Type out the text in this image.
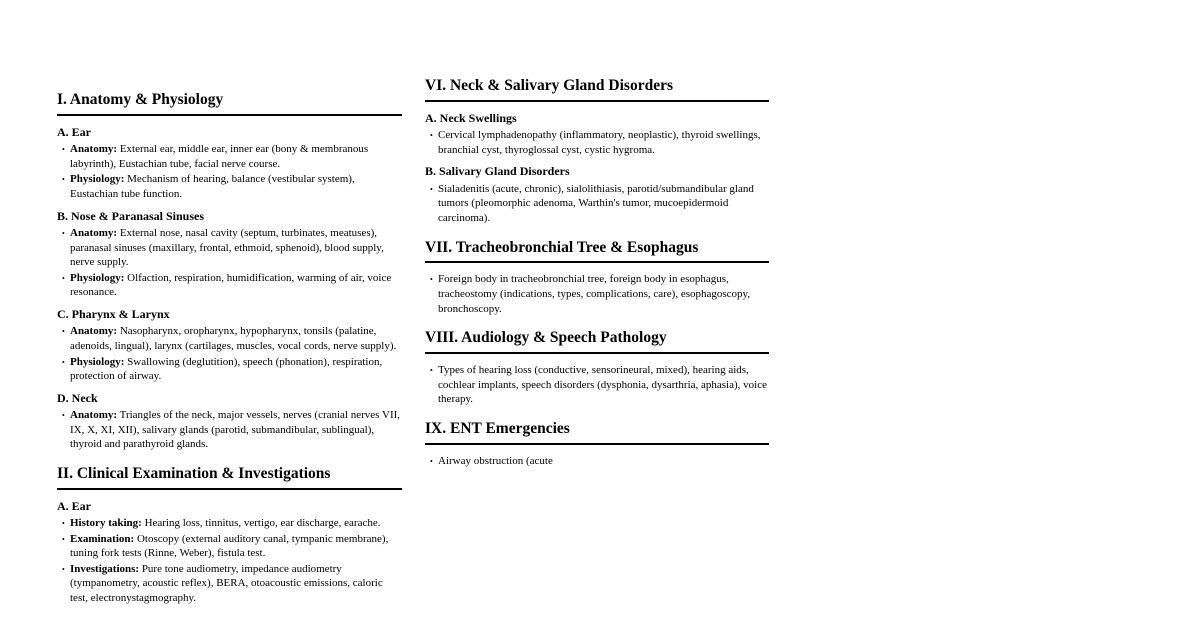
I. Anatomy & Physiology
A. Ear
• Anatomy: External ear, middle ear, inner ear (bony & membranous labyrinth), Eustachian tube, facial nerve course.
• Physiology: Mechanism of hearing, balance (vestibular system), Eustachian tube function.
B. Nose & Paranasal Sinuses
• Anatomy: External nose, nasal cavity (septum, turbinates, meatuses), paranasal sinuses (maxillary, frontal, ethmoid, sphenoid), blood supply, nerve supply.
• Physiology: Olfaction, respiration, humidification, warming of air, voice resonance.
C. Pharynx & Larynx
• Anatomy: Nasopharynx, oropharynx, hypopharynx, tonsils (palatine, adenoids, lingual), larynx (cartilages, muscles, vocal cords, nerve supply).
• Physiology: Swallowing (deglutition), speech (phonation), respiration, protection of airway.
D. Neck
• Anatomy: Triangles of the neck, major vessels, nerves (cranial nerves VII, IX, X, XI, XII), salivary glands (parotid, submandibular, sublingual), thyroid and parathyroid glands.
II. Clinical Examination & Investigations
A. Ear
• History taking: Hearing loss, tinnitus, vertigo, ear discharge, earache.
• Examination: Otoscopy (external auditory canal, tympanic membrane), tuning fork tests (Rinne, Weber), fistula test.
• Investigations: Pure tone audiometry, impedance audiometry (tympanometry, acoustic reflex), BERA, otoacoustic emissions, caloric test, electronystagmography.
VI. Neck & Salivary Gland Disorders
A. Neck Swellings
• Cervical lymphadenopathy (inflammatory, neoplastic), thyroid swellings, branchial cyst, thyroglossal cyst, cystic hygroma.
B. Salivary Gland Disorders
• Sialadenitis (acute, chronic), sialolithiasis, parotid/submandibular gland tumors (pleomorphic adenoma, Warthin's tumor, mucoepidermoid carcinoma).
VII. Tracheobronchial Tree & Esophagus
• Foreign body in tracheobronchial tree, foreign body in esophagus, tracheostomy (indications, types, complications, care), esophagoscopy, bronchoscopy.
VIII. Audiology & Speech Pathology
• Types of hearing loss (conductive, sensorineural, mixed), hearing aids, cochlear implants, speech disorders (dysphonia, dysarthria, aphasia), voice therapy.
IX. ENT Emergencies
• Airway obstruction (acute
